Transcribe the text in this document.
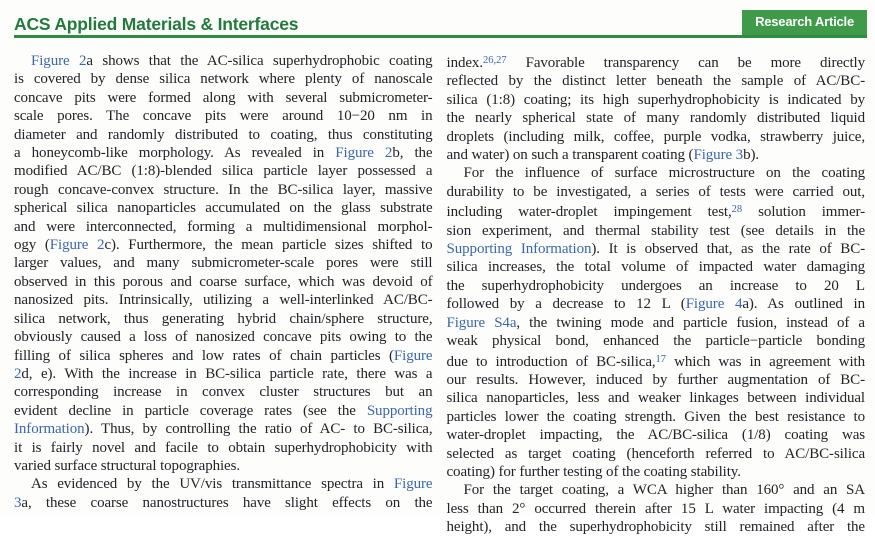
ACS Applied Materials & Interfaces	Research Article
Figure 2a shows that the AC-silica superhydrophobic coating
is covered by dense silica network where plenty of nanoscale
concave pits were formed along with several submicrometer-
scale pores. The concave pits were around 10−20 nm in
diameter and randomly distributed to coating, thus constituting
a honeycomb-like morphology. As revealed in Figure 2b, the
modified AC/BC (1:8)-blended silica particle layer possessed a
rough concave-convex structure. In the BC-silica layer, massive
spherical silica nanoparticles accumulated on the glass substrate
and were interconnected, forming a multidimensional morphol-
ogy (Figure 2c). Furthermore, the mean particle sizes shifted to
larger values, and many submicrometer-scale pores were still
observed in this porous and coarse surface, which was devoid of
nanosized pits. Intrinsically, utilizing a well-interlinked AC/BC-
silica network, thus generating hybrid chain/sphere structure,
obviously caused a loss of nanosized concave pits owing to the
filling of silica spheres and low rates of chain particles (Figure
2d, e). With the increase in BC-silica particle rate, there was a
corresponding increase in convex cluster structures but an
evident decline in particle coverage rates (see the Supporting
Information). Thus, by controlling the ratio of AC- to BC-silica,
it is fairly novel and facile to obtain superhydrophobicity with
varied surface structural topographies.
As evidenced by the UV/vis transmittance spectra in Figure
3a, these coarse nanostructures have slight effects on the
index.$^{26,27}$ Favorable transparency can be more directly
reflected by the distinct letter beneath the sample of AC/BC-
silica (1:8) coating; its high superhydrophobicity is indicated by
the nearly spherical state of many randomly distributed liquid
droplets (including milk, coffee, purple vodka, strawberry juice,
and water) on such a transparent coating (Figure 3b).
For the influence of surface microstructure on the coating
durability to be investigated, a series of tests were carried out,
including water-droplet impingement test,$^{28}$ solution immer-
sion experiment, and thermal stability test (see details in the
Supporting Information). It is observed that, as the rate of BC-
silica increases, the total volume of impacted water damaging
the superhydrophobicity undergoes an increase to 20 L
followed by a decrease to 12 L (Figure 4a). As outlined in
Figure S4a, the twining mode and particle fusion, instead of a
weak physical bond, enhanced the particle−particle bonding
due to introduction of BC-silica,$^{17}$ which was in agreement with
our results. However, induced by further augmentation of BC-
silica nanoparticles, less and weaker linkages between individual
particles lower the coating strength. Given the best resistance to
water-droplet impacting, the AC/BC-silica (1/8) coating was
selected as target coating (henceforth referred to AC/BC-silica
coating) for further testing of the coating stability.
For the target coating, a WCA higher than 160° and an SA
less than 2° occurred therein after 15 L water impacting (4 m
height), and the superhydrophobicity still remained after the
